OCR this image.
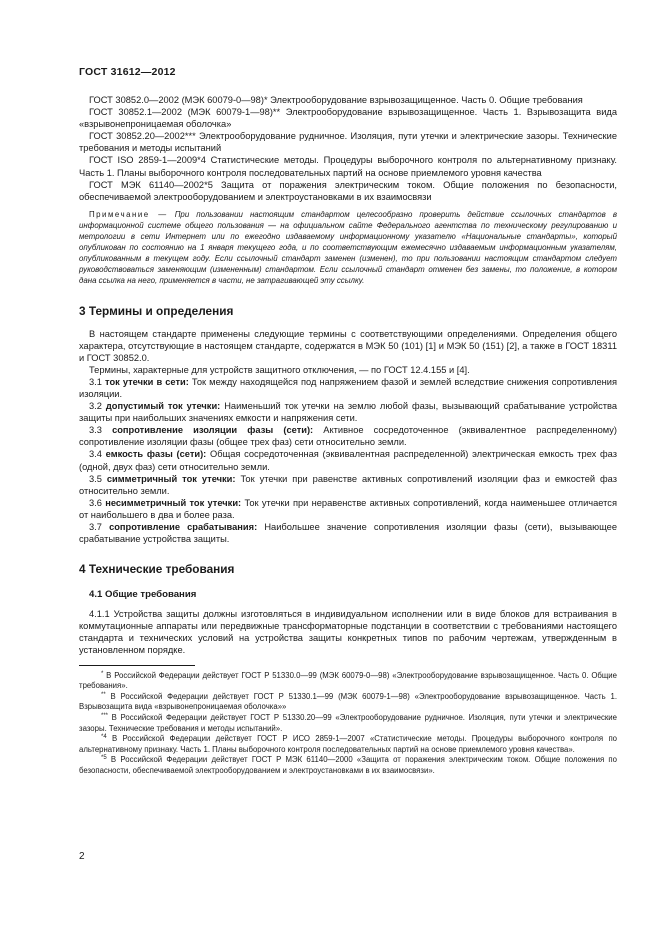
ГОСТ 31612—2012

ГОСТ 30852.0—2002 (МЭК 60079-0—98)* Электрооборудование взрывозащищенное. Часть 0. Общие требования

ГОСТ 30852.1—2002 (МЭК 60079-1—98)** Электрооборудование взрывозащищенное. Часть 1. Взрывозащита вида «взрывонепроницаемая оболочка»

ГОСТ 30852.20—2002*** Электрооборудование рудничное. Изоляция, пути утечки и электрические зазоры. Технические требования и методы испытаний

ГОСТ ISO 2859-1—2009*4 Статистические методы. Процедуры выборочного контроля по альтернативному признаку. Часть 1. Планы выборочного контроля последовательных партий на основе приемлемого уровня качества

ГОСТ МЭК 61140—2002*5 Защита от поражения электрическим током. Общие положения по безопасности, обеспечиваемой электрооборудованием и электроустановками в их взаимосвязи

Примечание — При пользовании настоящим стандартом целесообразно проверить действие ссылочных стандартов в информационной системе общего пользования — на официальном сайте Федерального агентства по техническому регулированию и метрологии в сети Интернет или по ежегодно издаваемому информационному указателю «Национальные стандарты», который опубликован по состоянию на 1 января текущего года, и по соответствующим ежемесячно издаваемым информационным указателям, опубликованным в текущем году. Если ссылочный стандарт заменен (изменен), то при пользовании настоящим стандартом следует руководствоваться заменяющим (измененным) стандартом. Если ссылочный стандарт отменен без замены, то положение, в котором дана ссылка на него, применяется в части, не затрагивающей эту ссылку.
3 Термины и определения

В настоящем стандарте применены следующие термины с соответствующими определениями. Определения общего характера, отсутствующие в настоящем стандарте, содержатся в МЭК 50 (101) [1] и МЭК 50 (151) [2], а также в ГОСТ 18311 и ГОСТ 30852.0.

Термины, характерные для устройств защитного отключения, — по ГОСТ 12.4.155 и [4].

3.1 ток утечки в сети: Ток между находящейся под напряжением фазой и землей вследствие снижения сопротивления изоляции.

3.2 допустимый ток утечки: Наименьший ток утечки на землю любой фазы, вызывающий срабатывание устройства защиты при наибольших значениях емкости и напряжения сети.

3.3 сопротивление изоляции фазы (сети): Активное сосредоточенное (эквивалентное распределенному) сопротивление изоляции фазы (общее трех фаз) сети относительно земли.

3.4 емкость фазы (сети): Общая сосредоточенная (эквивалентная распределенной) электрическая емкость трех фаз (одной, двух фаз) сети относительно земли.

3.5 симметричный ток утечки: Ток утечки при равенстве активных сопротивлений изоляции фаз и емкостей фаз относительно земли.

3.6 несимметричный ток утечки: Ток утечки при неравенстве активных сопротивлений, когда наименьшее отличается от наибольшего в два и более раза.

3.7 сопротивление срабатывания: Наибольшее значение сопротивления изоляции фазы (сети), вызывающее срабатывание устройства защиты.

4 Технические требования
4.1 Общие требования

4.1.1 Устройства защиты должны изготовляться в индивидуальном исполнении или в виде блоков для встраивания в коммутационные аппараты или передвижные трансформаторные подстанции в соответствии с требованиями настоящего стандарта и технических условий на устройства защиты конкретных типов по рабочим чертежам, утвержденным в установленном порядке.

* В Российской Федерации действует ГОСТ Р 51330.0—99 (МЭК 60079-0—98) «Электрооборудование взрывозащищенное. Часть 0. Общие требования».

** В Российской Федерации действует ГОСТ Р 51330.1—99 (МЭК 60079-1—98) «Электрооборудование взрывозащищенное. Часть 1. Взрывозащита вида «взрывонепроницаемая оболочка»»

*** В Российской Федерации действует ГОСТ Р 51330.20—99 «Электрооборудование рудничное. Изоляция, пути утечки и электрические зазоры. Технические требования и методы испытаний».

$^{*4}$ В Российской Федерации действует ГОСТ Р ИСО 2859-1—2007 «Статистические методы. Процедуры выборочного контроля по альтернативному признаку. Часть 1. Планы выборочного контроля последовательных партий на основе приемлемого уровня качества».

$^{*5}$ В Российской Федерации действует ГОСТ Р МЭК 61140—2000 «Защита от поражения электрическим током. Общие положения по безопасности, обеспечиваемой электрооборудованием и электроустановками в их взаимосвязи».

2
